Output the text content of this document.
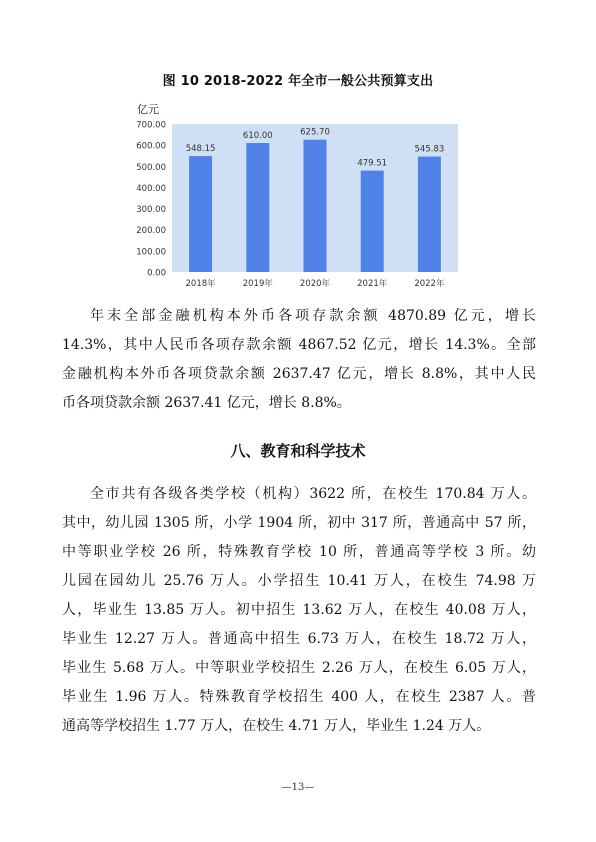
图 10 2018-2022 年全市一般公共预算支出
亿元
0.00
100.00
200.00
300.00
400.00
500.00
600.00
700.00
548.15
610.00	625.70
479.51
545.83
2018年	2019年	2020年	2021年	2022年
年末全部金融机构本外币各项存款余额 4870.89 亿元，增长
14.3%，其中人民币各项存款余额 4867.52 亿元，增长 14.3%。全部
金融机构本外币各项贷款余额 2637.47 亿元，增长 8.8%，其中人民
币各项贷款余额 2637.41 亿元，增长 8.8%。
八、教育和科学技术
全市共有各级各类学校（机构）3622 所，在校生 170.84 万人。
其中，幼儿园 1305 所，小学 1904 所，初中 317 所，普通高中 57 所，
中等职业学校 26 所，特殊教育学校 10 所，普通高等学校 3 所。幼
儿园在园幼儿 25.76 万人。小学招生 10.41 万人，在校生 74.98 万
人，毕业生 13.85 万人。初中招生 13.62 万人，在校生 40.08 万人，
毕业生 12.27 万人。普通高中招生 6.73 万人，在校生 18.72 万人，
毕业生 5.68 万人。中等职业学校招生 2.26 万人，在校生 6.05 万人，
毕业生 1.96 万人。特殊教育学校招生 400 人，在校生 2387 人。普
通高等学校招生 1.77 万人，在校生 4.71 万人，毕业生 1.24 万人。
—13—
